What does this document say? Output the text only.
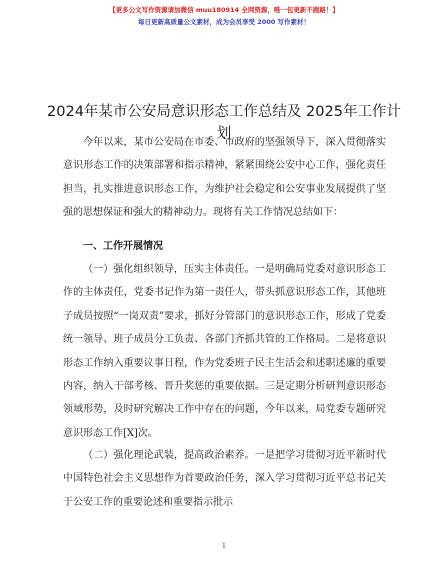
【更多公文写作资源请加微信 muu180914 全网资源，唯一包更新不跑路！】
每日更新高质量公文素材，成为会员享受 2000 写作素材！
2024年某市公安局意识形态工作总结及 2025年工作计划

今年以来，某市公安局在市委、市政府的坚强领导下，深入贯彻落实意识形态工作的决策部署和指示精神，紧紧围绕公安中心工作，强化责任担当，扎实推进意识形态工作，为维护社会稳定和公安事业发展提供了坚强的思想保证和强大的精神动力。现将有关工作情况总结如下：

一、工作开展情况

（一）强化组织领导，压实主体责任。一是明确局党委对意识形态工作的主体责任，党委书记作为第一责任人，带头抓意识形态工作，其他班子成员按照“一岗双责”要求，抓好分管部门的意识形态工作，形成了党委统一领导、班子成员分工负责、各部门齐抓共管的工作格局。二是将意识形态工作纳入重要议事日程，作为党委班子民主生活会和述职述廉的重要内容，纳入干部考核、晋升奖惩的重要依据。三是定期分析研判意识形态领域形势，及时研究解决工作中存在的问题，今年以来，局党委专题研究意识形态工作[X]次。

（二）强化理论武装，提高政治素养。一是把学习贯彻习近平新时代中国特色社会主义思想作为首要政治任务，深入学习贯彻习近平总书记关于公安工作的重要论述和重要指示批示

1
